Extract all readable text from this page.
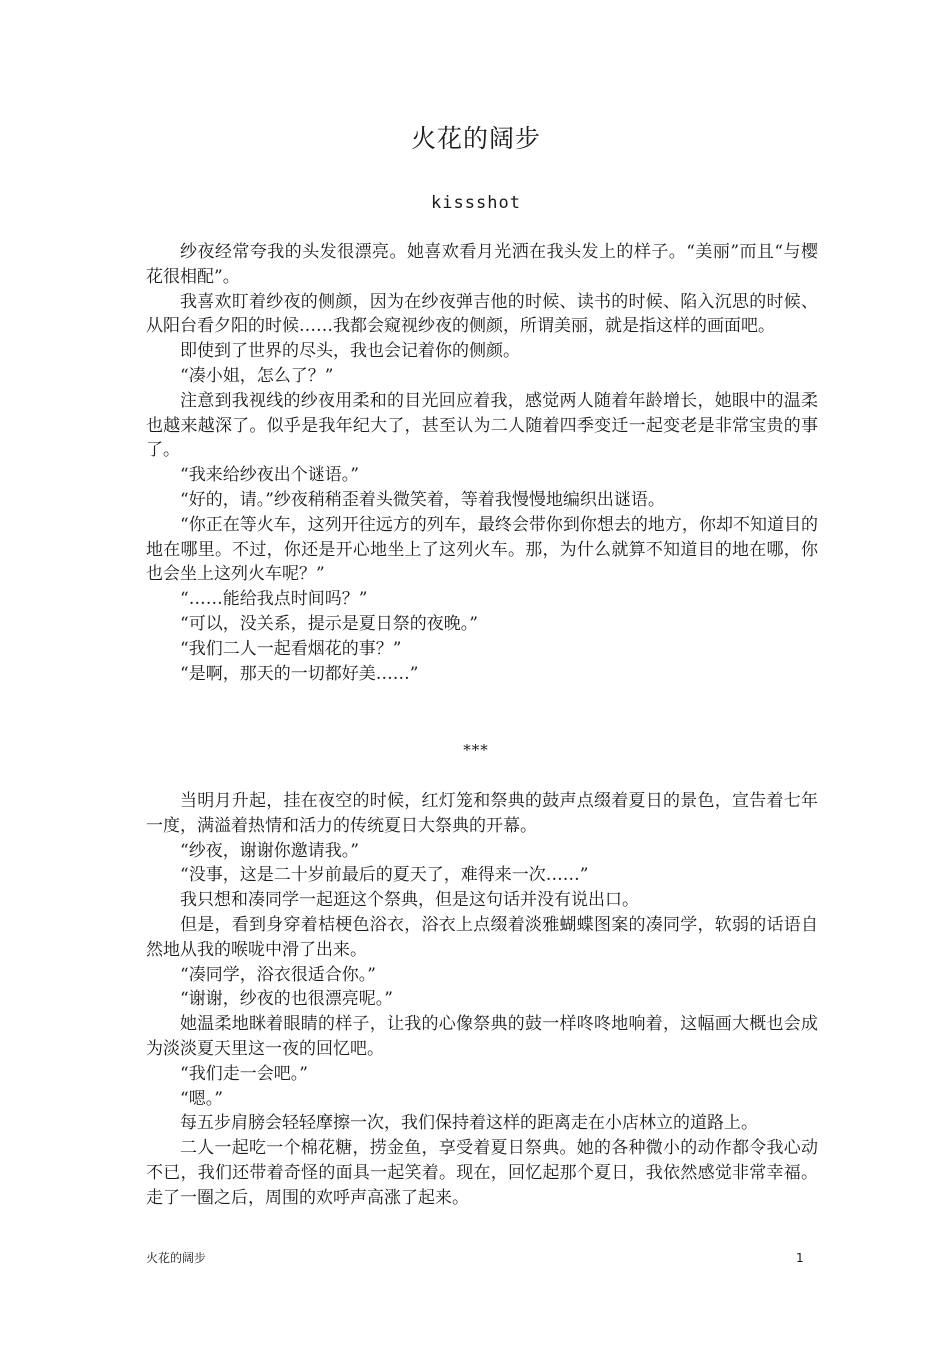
火花的阔步
kissshot

纱夜经常夸我的头发很漂亮。她喜欢看月光洒在我头发上的样子。“美丽”而且“与樱花很相配”。

我喜欢盯着纱夜的侧颜，因为在纱夜弹吉他的时候、读书的时候、陷入沉思的时候、从阳台看夕阳的时候……我都会窥视纱夜的侧颜，所谓美丽，就是指这样的画面吧。

即使到了世界的尽头，我也会记着你的侧颜。

“凑小姐，怎么了？”

注意到我视线的纱夜用柔和的目光回应着我，感觉两人随着年龄增长，她眼中的温柔也越来越深了。似乎是我年纪大了，甚至认为二人随着四季变迁一起变老是非常宝贵的事了。

“我来给纱夜出个谜语。”

“好的，请。”纱夜稍稍歪着头微笑着，等着我慢慢地编织出谜语。

“你正在等火车，这列开往远方的列车，最终会带你到你想去的地方，你却不知道目的地在哪里。不过，你还是开心地坐上了这列火车。那，为什么就算不知道目的地在哪，你也会坐上这列火车呢？”

“……能给我点时间吗？”

“可以，没关系，提示是夏日祭的夜晚。”

“我们二人一起看烟花的事？”

“是啊，那天的一切都好美……”

***

当明月升起，挂在夜空的时候，红灯笼和祭典的鼓声点缀着夏日的景色，宣告着七年一度，满溢着热情和活力的传统夏日大祭典的开幕。

“纱夜，谢谢你邀请我。”

“没事，这是二十岁前最后的夏天了，难得来一次……”

我只想和凑同学一起逛这个祭典，但是这句话并没有说出口。

但是，看到身穿着桔梗色浴衣，浴衣上点缀着淡雅蝴蝶图案的凑同学，软弱的话语自然地从我的喉咙中滑了出来。

“凑同学，浴衣很适合你。”

“谢谢，纱夜的也很漂亮呢。”

她温柔地眯着眼睛的样子，让我的心像祭典的鼓一样咚咚地响着，这幅画大概也会成为淡淡夏天里这一夜的回忆吧。

“我们走一会吧。”

“嗯。”

每五步肩膀会轻轻摩擦一次，我们保持着这样的距离走在小店林立的道路上。

二人一起吃一个棉花糖，捞金鱼，享受着夏日祭典。她的各种微小的动作都令我心动不已，我们还带着奇怪的面具一起笑着。现在，回忆起那个夏日，我依然感觉非常幸福。走了一圈之后，周围的欢呼声高涨了起来。

火花的阔步	1
